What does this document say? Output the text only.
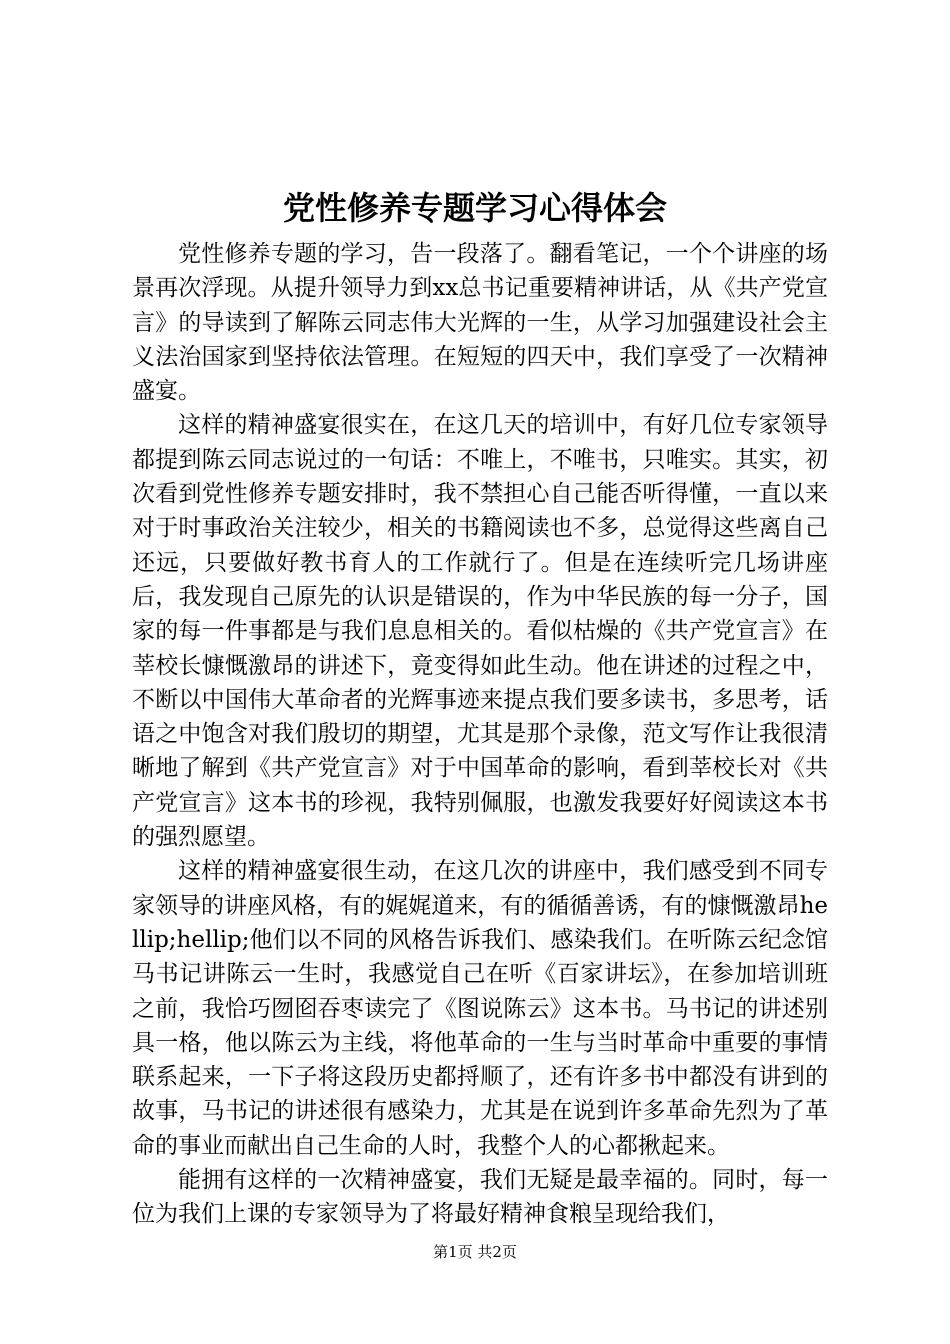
党性修养专题学习心得体会

党性修养专题的学习，告一段落了。翻看笔记，一个个讲座的场景再次浮现。从提升领导力到xx总书记重要精神讲话，从《共产党宣言》的导读到了解陈云同志伟大光辉的一生，从学习加强建设社会主义法治国家到坚持依法管理。在短短的四天中，我们享受了一次精神盛宴。

这样的精神盛宴很实在，在这几天的培训中，有好几位专家领导都提到陈云同志说过的一句话：不唯上，不唯书，只唯实。其实，初次看到党性修养专题安排时，我不禁担心自己能否听得懂，一直以来对于时事政治关注较少，相关的书籍阅读也不多，总觉得这些离自己还远，只要做好教书育人的工作就行了。但是在连续听完几场讲座后，我发现自己原先的认识是错误的，作为中华民族的每一分子，国家的每一件事都是与我们息息相关的。看似枯燥的《共产党宣言》在莘校长慷慨激昂的讲述下，竟变得如此生动。他在讲述的过程之中，不断以中国伟大革命者的光辉事迹来提点我们要多读书，多思考，话语之中饱含对我们殷切的期望，尤其是那个录像，范文写作让我很清晰地了解到《共产党宣言》对于中国革命的影响，看到莘校长对《共产党宣言》这本书的珍视，我特别佩服，也激发我要好好阅读这本书的强烈愿望。

这样的精神盛宴很生动，在这几次的讲座中，我们感受到不同专家领导的讲座风格，有的娓娓道来，有的循循善诱，有的慷慨激昂hellip;hellip;他们以不同的风格告诉我们、感染我们。在听陈云纪念馆马书记讲陈云一生时，我感觉自己在听《百家讲坛》，在参加培训班之前，我恰巧囫囵吞枣读完了《图说陈云》这本书。马书记的讲述别具一格，他以陈云为主线，将他革命的一生与当时革命中重要的事情联系起来，一下子将这段历史都捋顺了，还有许多书中都没有讲到的故事，马书记的讲述很有感染力，尤其是在说到许多革命先烈为了革命的事业而献出自己生命的人时，我整个人的心都揪起来。

能拥有这样的一次精神盛宴，我们无疑是最幸福的。同时，每一位为我们上课的专家领导为了将最好精神食粮呈现给我们，

第1页 共2页
